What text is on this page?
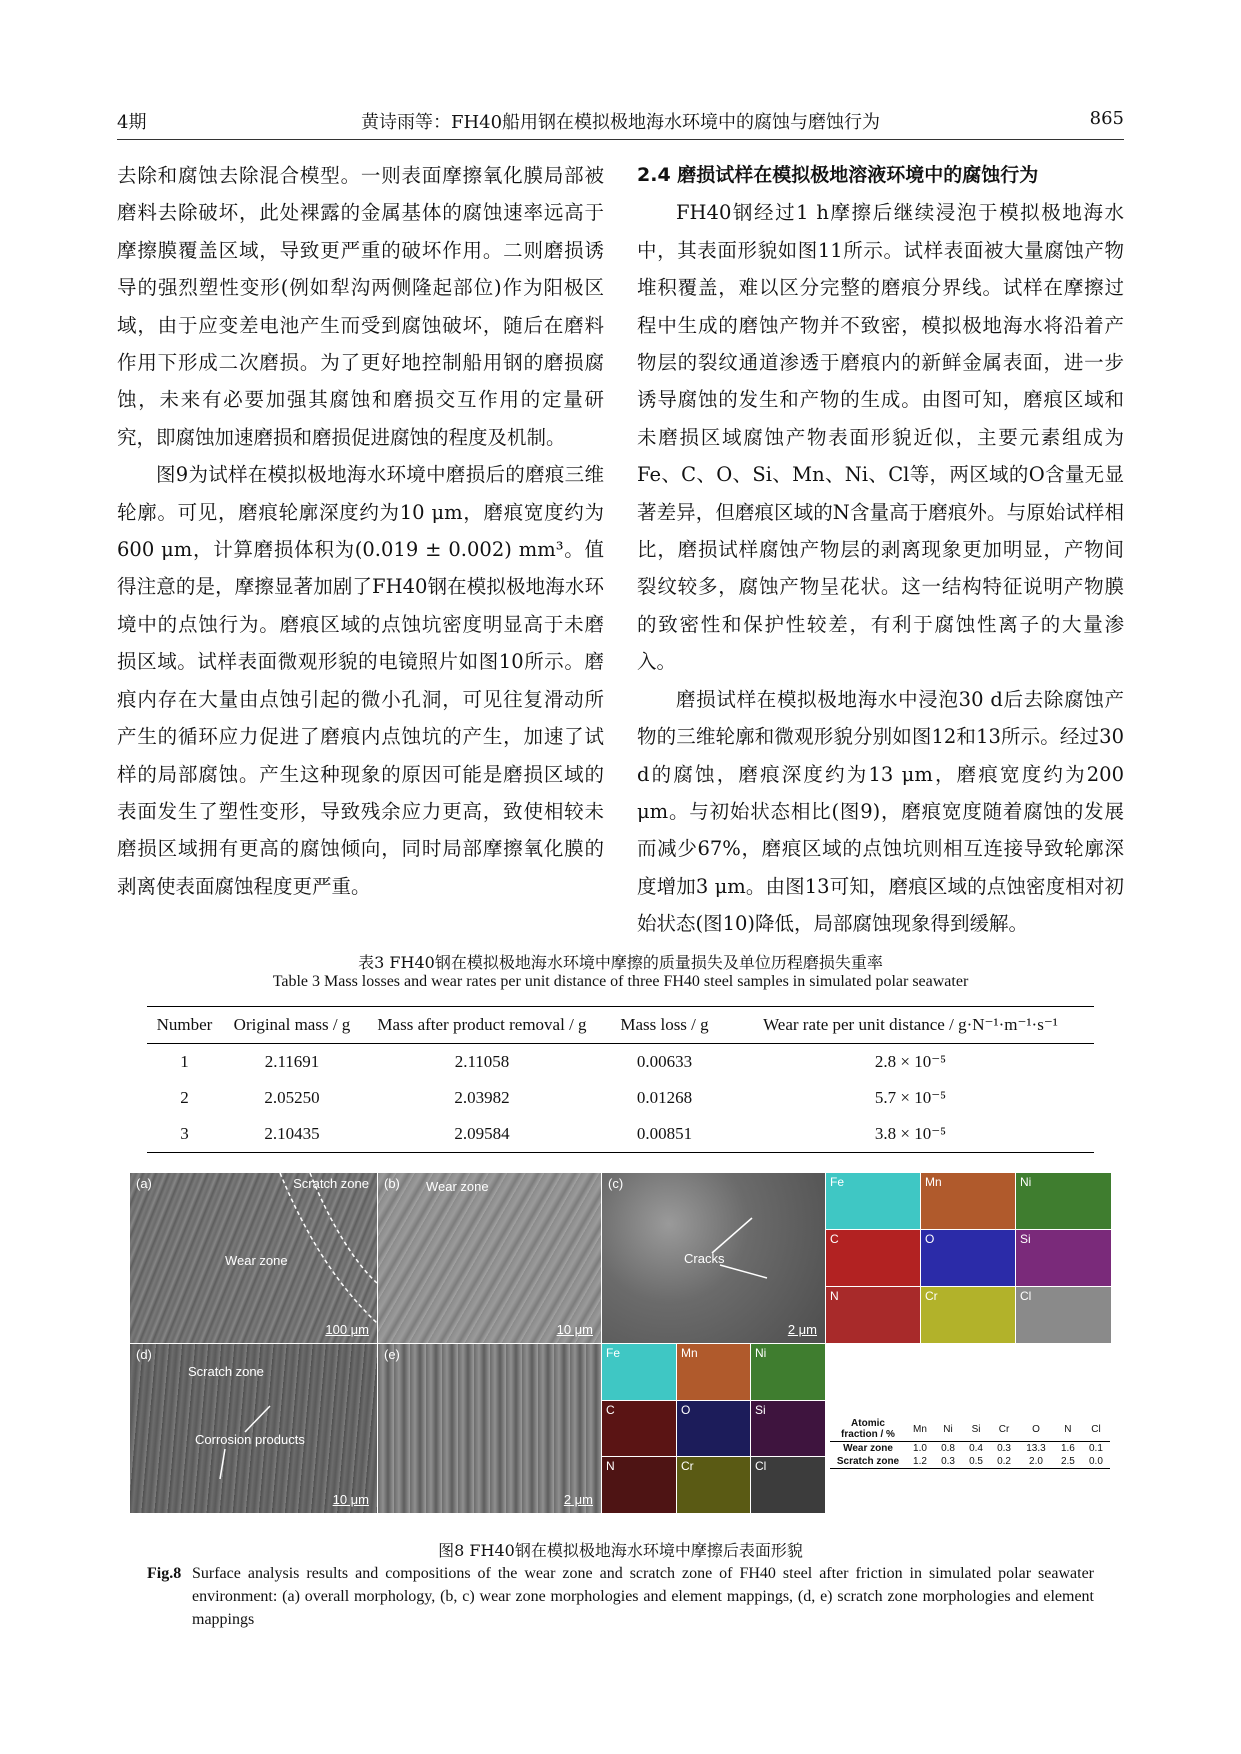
4期	黄诗雨等：FH40船用钢在模拟极地海水环境中的腐蚀与磨蚀行为	865

去除和腐蚀去除混合模型。一则表面摩擦氧化膜局部被磨料去除破坏，此处裸露的金属基体的腐蚀速率远高于摩擦膜覆盖区域，导致更严重的破坏作用。二则磨损诱导的强烈塑性变形(例如犁沟两侧隆起部位)作为阳极区域，由于应变差电池产生而受到腐蚀破坏，随后在磨料作用下形成二次磨损。为了更好地控制船用钢的磨损腐蚀，未来有必要加强其腐蚀和磨损交互作用的定量研究，即腐蚀加速磨损和磨损促进腐蚀的程度及机制。

图9为试样在模拟极地海水环境中磨损后的磨痕三维轮廓。可见，磨痕轮廓深度约为10 μm，磨痕宽度约为600 μm，计算磨损体积为(0.019 ± 0.002) mm³。值得注意的是，摩擦显著加剧了FH40钢在模拟极地海水环境中的点蚀行为。磨痕区域的点蚀坑密度明显高于未磨损区域。试样表面微观形貌的电镜照片如图10所示。磨痕内存在大量由点蚀引起的微小孔洞，可见往复滑动所产生的循环应力促进了磨痕内点蚀坑的产生，加速了试样的局部腐蚀。产生这种现象的原因可能是磨损区域的表面发生了塑性变形，导致残余应力更高，致使相较未磨损区域拥有更高的腐蚀倾向，同时局部摩擦氧化膜的剥离使表面腐蚀程度更严重。

2.4 磨损试样在模拟极地溶液环境中的腐蚀行为

FH40钢经过1 h摩擦后继续浸泡于模拟极地海水中，其表面形貌如图11所示。试样表面被大量腐蚀产物堆积覆盖，难以区分完整的磨痕分界线。试样在摩擦过程中生成的磨蚀产物并不致密，模拟极地海水将沿着产物层的裂纹通道渗透于磨痕内的新鲜金属表面，进一步诱导腐蚀的发生和产物的生成。由图可知，磨痕区域和未磨损区域腐蚀产物表面形貌近似，主要元素组成为Fe、C、O、Si、Mn、Ni、Cl等，两区域的O含量无显著差异，但磨痕区域的N含量高于磨痕外。与原始试样相比，磨损试样腐蚀产物层的剥离现象更加明显，产物间裂纹较多，腐蚀产物呈花状。这一结构特征说明产物膜的致密性和保护性较差，有利于腐蚀性离子的大量渗入。

磨损试样在模拟极地海水中浸泡30 d后去除腐蚀产物的三维轮廓和微观形貌分别如图12和13所示。经过30 d的腐蚀，磨痕深度约为13 μm，磨痕宽度约为200 μm。与初始状态相比(图9)，磨痕宽度随着腐蚀的发展而减少67%，磨痕区域的点蚀坑则相互连接导致轮廓深度增加3 μm。由图13可知，磨痕区域的点蚀密度相对初始状态(图10)降低，局部腐蚀现象得到缓解。

表3 FH40钢在模拟极地海水环境中摩擦的质量损失及单位历程磨损失重率
Table 3 Mass losses and wear rates per unit distance of three FH40 steel samples in simulated polar seawater
Number	Original mass / g	Mass after product removal / g	Mass loss / g	Wear rate per unit distance / g·N⁻¹·m⁻¹·s⁻¹
1	2.11691	2.11058	0.00633	2.8 × 10⁻⁵
2	2.05250	2.03982	0.01268	5.7 × 10⁻⁵
3	2.10435	2.09584	0.00851	3.8 × 10⁻⁵
(a)	Scratch zone
Wear zone
100 μm
(b) Wear zone
10 μm
(c)
Cracks
2 μm
Fe	Mn	Ni
C	O	Si
N	Cr	Cl
(d)
Scratch zone
Corrosion products
10 μm
(e)
2 μm
Fe	Mn	Ni
C	O	Si
N	Cr	Cl
Atomic fraction / %	Mn	Ni	Si	Cr	O	N	Cl
Wear zone	1.0	0.8	0.4	0.3	13.3	1.6	0.1
Scratch zone	1.2	0.3	0.5	0.2	2.0	2.5	0.0
图8 FH40钢在模拟极地海水环境中摩擦后表面形貌
Fig.8 Surface analysis results and compositions of the wear zone and scratch zone of FH40 steel after friction in simulated polar seawater environment: (a) overall morphology, (b, c) wear zone morphologies and element mappings, (d, e) scratch zone morphologies and element mappings
